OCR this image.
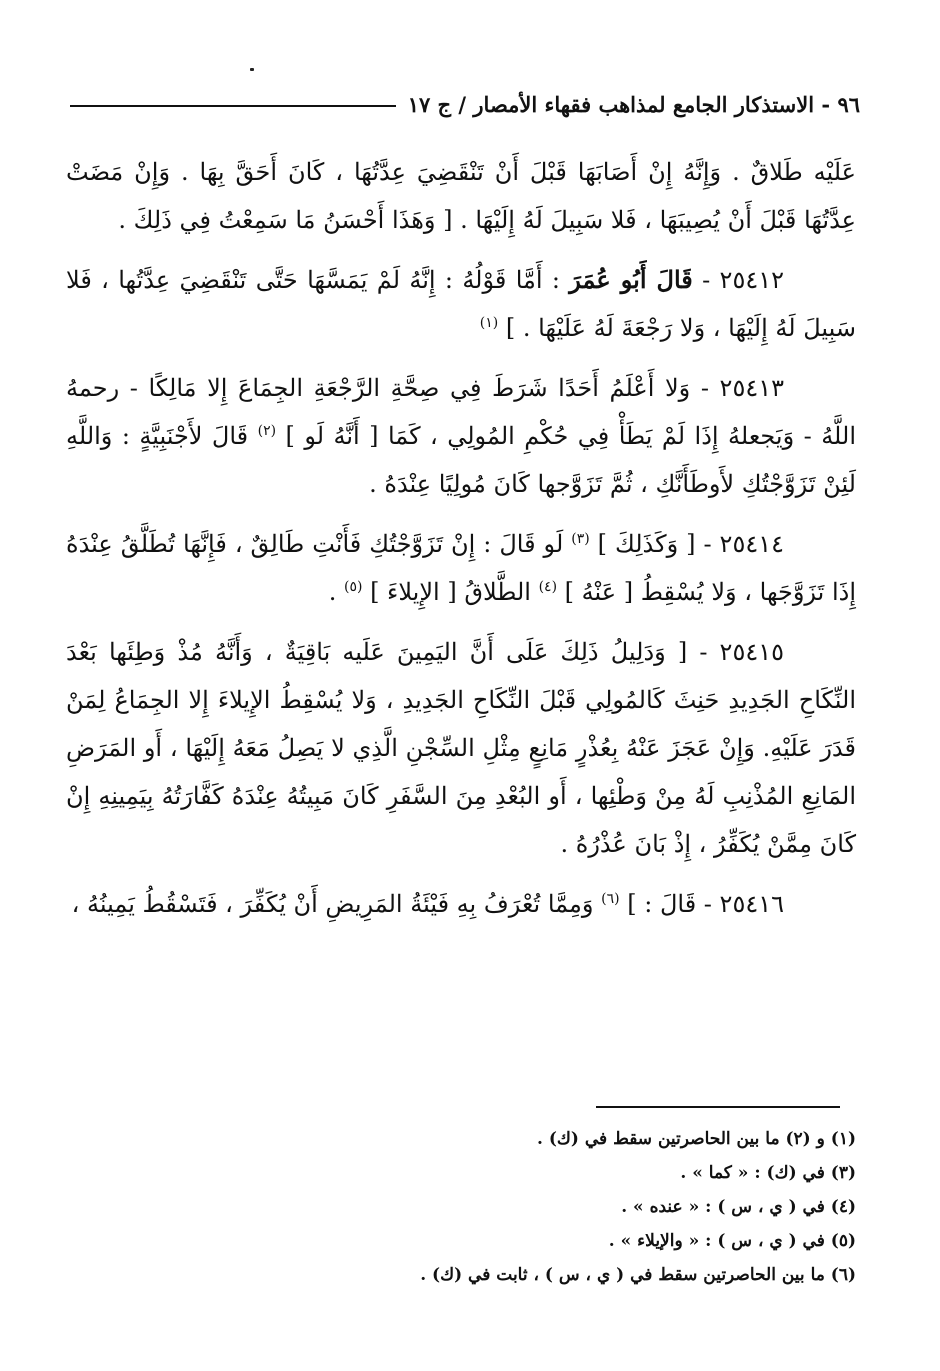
٩٦ - الاستذكار الجامع لمذاهب فقهاء الأمصار / ج ١٧

عَلَيْه طَلاقٌ . وَإِنَّهُ إِنْ أَصَابَهَا قَبْلَ أَنْ تَنْقَضِيَ عِدَّتُهَا ، كَانَ أَحَقَّ بِهَا . وَإِنْ مَضَتْ عِدَّتُهَا قَبْلَ أَنْ يُصِيبَهَا ، فَلا سَبِيلَ لَهُ إِلَيْهَا . [ وَهَذَا أَحْسَنُ مَا سَمِعْتُ فِي ذَلِكَ .

٢٥٤١٢ - قَالَ أَبُو عُمَرَ : أَمَّا قَوْلُهُ : إِنَّهُ لَمْ يَمَسَّهَا حَتَّى تَنْقَضِيَ عِدَّتُها ، فَلا سَبِيلَ لَهُ إِلَيْهَا ، وَلا رَجْعَةَ لَهُ عَلَيْهَا . ] $^{(١)}$

٢٥٤١٣ - وَلا أَعْلَمُ أَحَدًا شَرَطَ فِي صِحَّةِ الرَّجْعَةِ الجِمَاعَ إِلا مَالِكًا - رحمهُ اللَّهُ - وَيَجعلهُ إِذَا لَمْ يَطَأْ فِي حُكْمِ المُولِي ، كَمَا [ أَنَّهُ لَو ] $^{(٢)}$ قَالَ لأَجْنَبِيَّةٍ : وَاللَّهِ لَئِنْ تَزَوَّجْتُكِ لأَوطَأَنَّكِ ، ثُمَّ تَزَوَّجها كَانَ مُولِيًا عِنْدَهُ .

٢٥٤١٤ - [ وَكَذَلِكَ ] $^{(٣)}$ لَو قَالَ : إِنْ تَزَوَّجْتُكِ فَأَنْتِ طَالِقٌ ، فَإِنَّهَا تُطَلَّقُ عِنْدَهُ إِذَا تَزَوَّجَها ، وَلا يُسْقِطُ [ عَنْهُ ] $^{(٤)}$ الطَّلاقُ [ الإِيلاءَ ] $^{(٥)}$ .

٢٥٤١٥ - [ وَدَلِيلُ ذَلِكَ عَلَى أَنَّ اليَمِينَ عَلَيه بَاقِيَةٌ ، وَأَنَّهُ مُذْ وَطِئَها بَعْدَ النِّكَاحِ الجَدِيدِ حَنِثَ كَالمُولِي قَبْلَ النِّكَاحِ الجَدِيدِ ، وَلا يُسْقِطُ الإِيلاءَ إِلا الجِمَاعُ لِمَنْ قَدَرَ عَلَيْهِ. وَإِنْ عَجَزَ عَنْهُ بِعُذْرٍ مَانِعٍ مِثْلِ السِّجْنِ الَّذِي لا يَصِلُ مَعَهُ إِلَيْهَا ، أَو المَرَضِ المَانِعِ المُذْنِبِ لَهُ مِنْ وَطْئِها ، أَو البُعْدِ مِنَ السَّفَرِ كَانَ مَبِيتُهُ عِنْدَهُ كَفَّارَتُهُ بِيَمِينِهِ إِنْ كَانَ مِمَّنْ يُكَفِّرُ ، إِذْ بَانَ عُذْرُهُ .

٢٥٤١٦ - قَالَ : ] $^{(٦)}$ وَمِمَّا تُعْرَفُ بِهِ فَيْئَةُ المَرِيضِ أَنْ يُكَفِّرَ ، فَتَسْقُطُ يَمِينُهُ ،

(١) و (٢) ما بين الحاصرتين سقط في (ك) .
(٣) في (ك) : « كما » .
(٤) في ( ي ، س ) : « عنده » .
(٥) في ( ي ، س ) : « والإيلاء » .
(٦) ما بين الحاصرتين سقط في ( ي ، س ) ، ثابت في (ك) .
